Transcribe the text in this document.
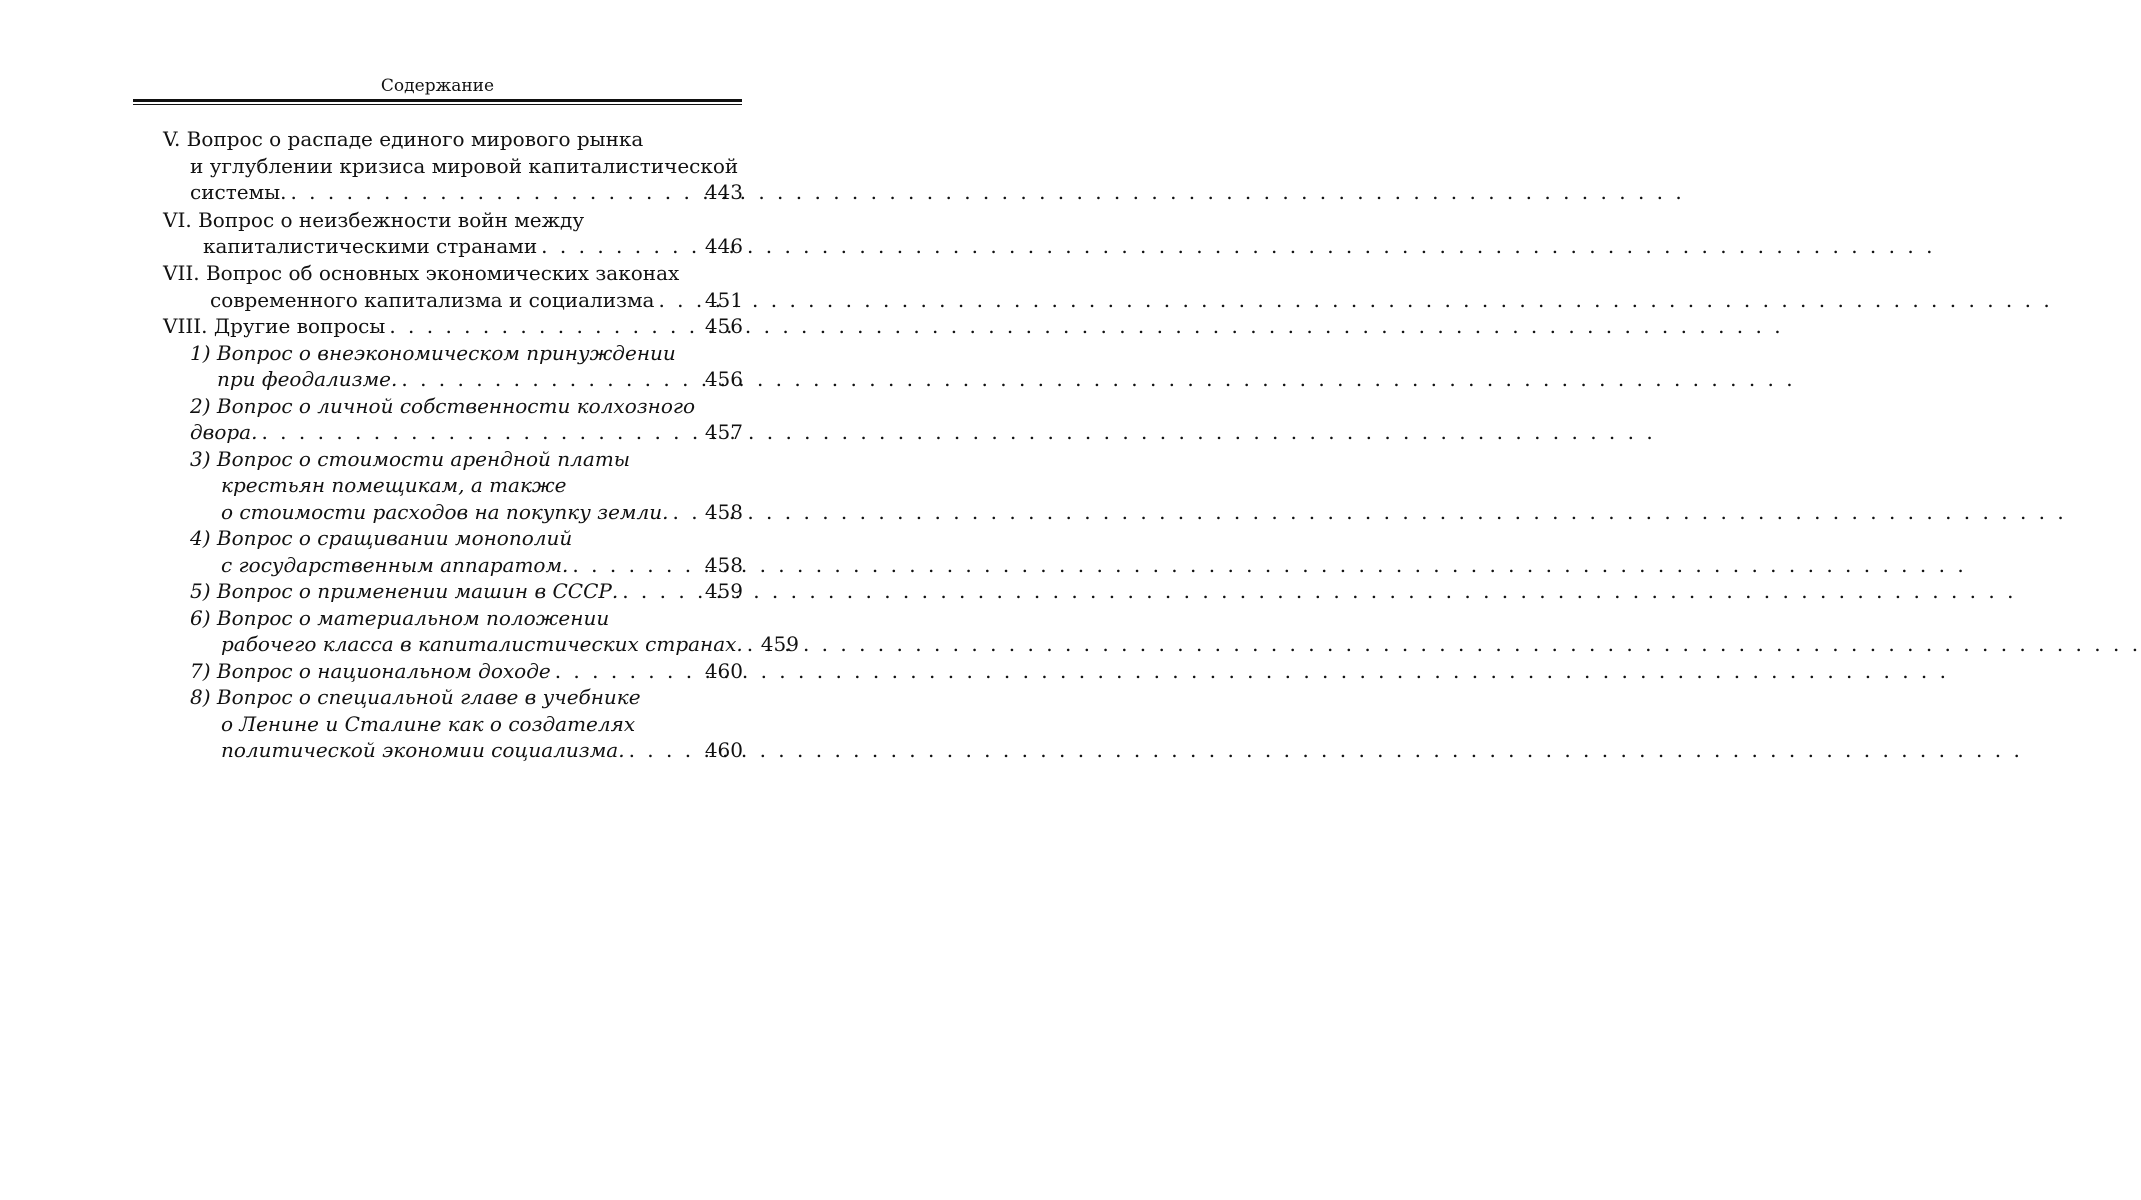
Содержание
V. Вопрос о распаде единого мирового рынка
и углублении кризиса мировой капиталистической
системы. . . .	443
VI. Вопрос о неизбежности войн между
капиталистическими странами . . .	446
VII. Вопрос об основных экономических законах
современного капитализма и социализма . . .	451
VIII. Другие вопросы . . .	456
1) Вопрос о внеэкономическом принуждении
при феодализме. . . .	456
2) Вопрос о личной собственности колхозного
двора. . . .	457
3) Вопрос о стоимости арендной платы
крестьян помещикам, а также
о стоимости расходов на покупку земли. . . . 458
4) Вопрос о сращивании монополий
с государственным аппаратом. . . .	458
5) Вопрос о применении машин в СССР. . . .	459
6) Вопрос о материальном положении
рабочего класса в капиталистических странах. . . . 459
7) Вопрос о национальном доходе . . .	460
8) Вопрос о специальной главе в учебнике
о Ленине и Сталине как о создателях
политической экономии социализма. . . .	460
